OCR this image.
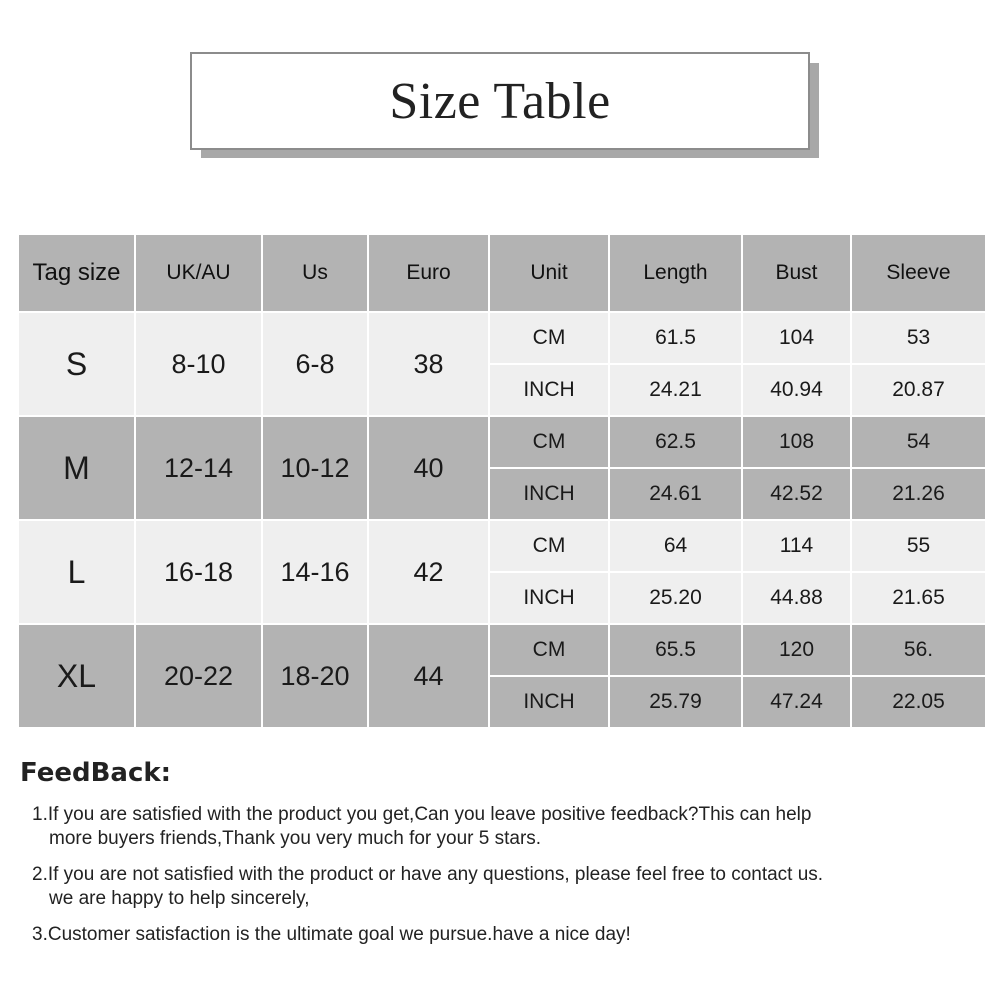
Size Table
Tag size	UK/AU	Us	Euro	Unit	Length	Bust	Sleeve
S	8-10	6-8	38	CM	61.5	104	53
				INCH	24.21	40.94	20.87
M	12-14	10-12	40	CM	62.5	108	54
				INCH	24.61	42.52	21.26
L	16-18	14-16	42	CM	64	114	55
				INCH	25.20	44.88	21.65
XL	20-22	18-20	44	CM	65.5	120	56.
				INCH	25.79	47.24	22.05
FeedBack:
1.If you are satisfied with the product you get,Can you leave positive feedback?This can help
more buyers friends,Thank you very much for your 5 stars.
2.If you are not satisfied with the product or have any questions, please feel free to contact us.
we are happy to help sincerely,
3.Customer satisfaction is the ultimate goal we pursue.have a nice day!
